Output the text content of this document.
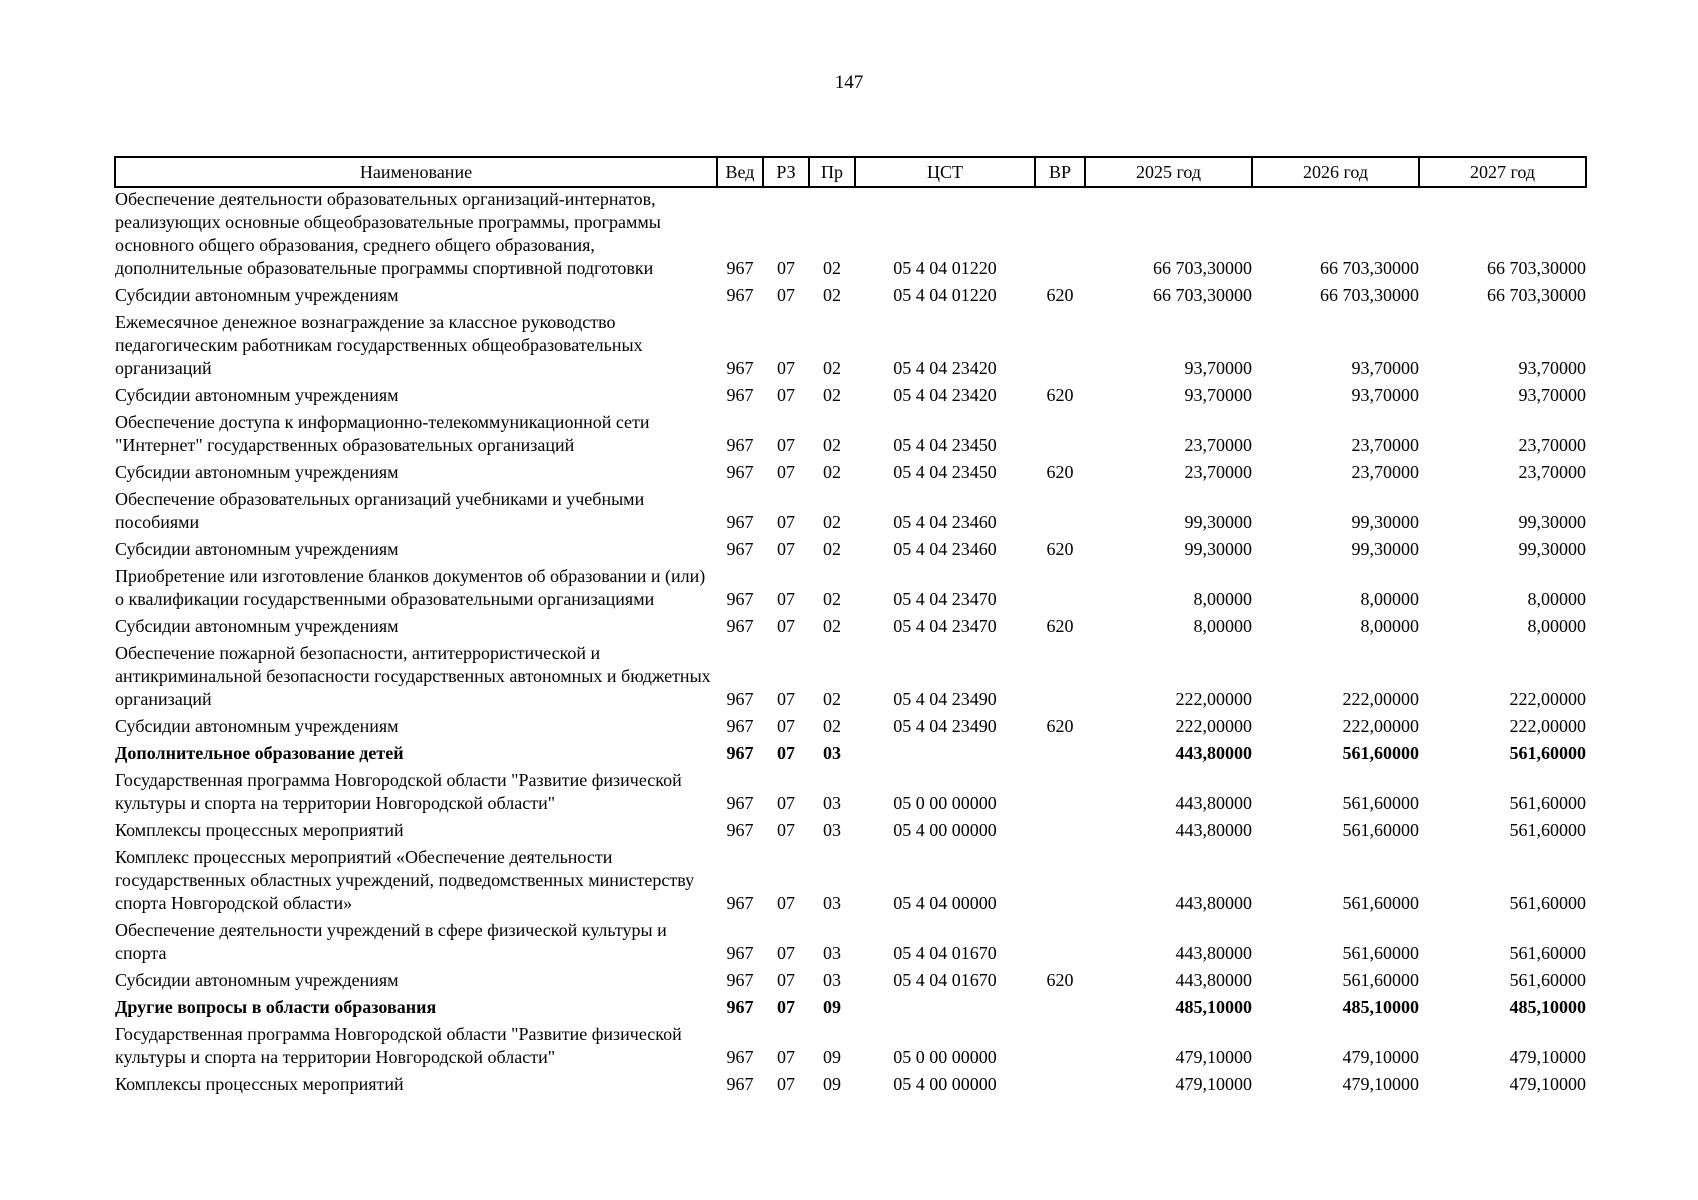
147
Наименование	Вед	РЗ	Пр	ЦСТ	ВР	2025 год	2026 год	2027 год
Обеспечение деятельности образовательных организаций-интернатов, реализующих основные общеобразовательные программы, программы основного общего образования, среднего общего образования, дополнительные образовательные программы спортивной подготовки	967	07	02	05 4 04 01220		66 703,30000	66 703,30000	66 703,30000
Субсидии автономным учреждениям	967	07	02	05 4 04 01220	620	66 703,30000	66 703,30000	66 703,30000
Ежемесячное денежное вознаграждение за классное руководство педагогическим работникам государственных общеобразовательных организаций	967	07	02	05 4 04 23420		93,70000	93,70000	93,70000
Субсидии автономным учреждениям	967	07	02	05 4 04 23420	620	93,70000	93,70000	93,70000
Обеспечение доступа к информационно-телекоммуникационной сети "Интернет" государственных образовательных организаций	967	07	02	05 4 04 23450		23,70000	23,70000	23,70000
Субсидии автономным учреждениям	967	07	02	05 4 04 23450	620	23,70000	23,70000	23,70000
Обеспечение образовательных организаций учебниками и учебными пособиями	967	07	02	05 4 04 23460		99,30000	99,30000	99,30000
Субсидии автономным учреждениям	967	07	02	05 4 04 23460	620	99,30000	99,30000	99,30000
Приобретение или изготовление бланков документов об образовании и (или) о квалификации государственными образовательными организациями	967	07	02	05 4 04 23470		8,00000	8,00000	8,00000
Субсидии автономным учреждениям	967	07	02	05 4 04 23470	620	8,00000	8,00000	8,00000
Обеспечение пожарной безопасности, антитеррористической и антикриминальной безопасности государственных автономных и бюджетных организаций	967	07	02	05 4 04 23490		222,00000	222,00000	222,00000
Субсидии автономным учреждениям	967	07	02	05 4 04 23490	620	222,00000	222,00000	222,00000
Дополнительное образование детей	967	07	03			443,80000	561,60000	561,60000
Государственная программа Новгородской области "Развитие физической культуры и спорта на территории Новгородской области"	967	07	03	05 0 00 00000		443,80000	561,60000	561,60000
Комплексы процессных мероприятий	967	07	03	05 4 00 00000		443,80000	561,60000	561,60000
Комплекс процессных мероприятий «Обеспечение деятельности государственных областных учреждений, подведомственных министерству спорта Новгородской области»	967	07	03	05 4 04 00000		443,80000	561,60000	561,60000
Обеспечение деятельности учреждений в сфере физической культуры и спорта	967	07	03	05 4 04 01670		443,80000	561,60000	561,60000
Субсидии автономным учреждениям	967	07	03	05 4 04 01670	620	443,80000	561,60000	561,60000
Другие вопросы в области образования	967	07	09			485,10000	485,10000	485,10000
Государственная программа Новгородской области "Развитие физической культуры и спорта на территории Новгородской области"	967	07	09	05 0 00 00000		479,10000	479,10000	479,10000
Комплексы процессных мероприятий	967	07	09	05 4 00 00000		479,10000	479,10000	479,10000
